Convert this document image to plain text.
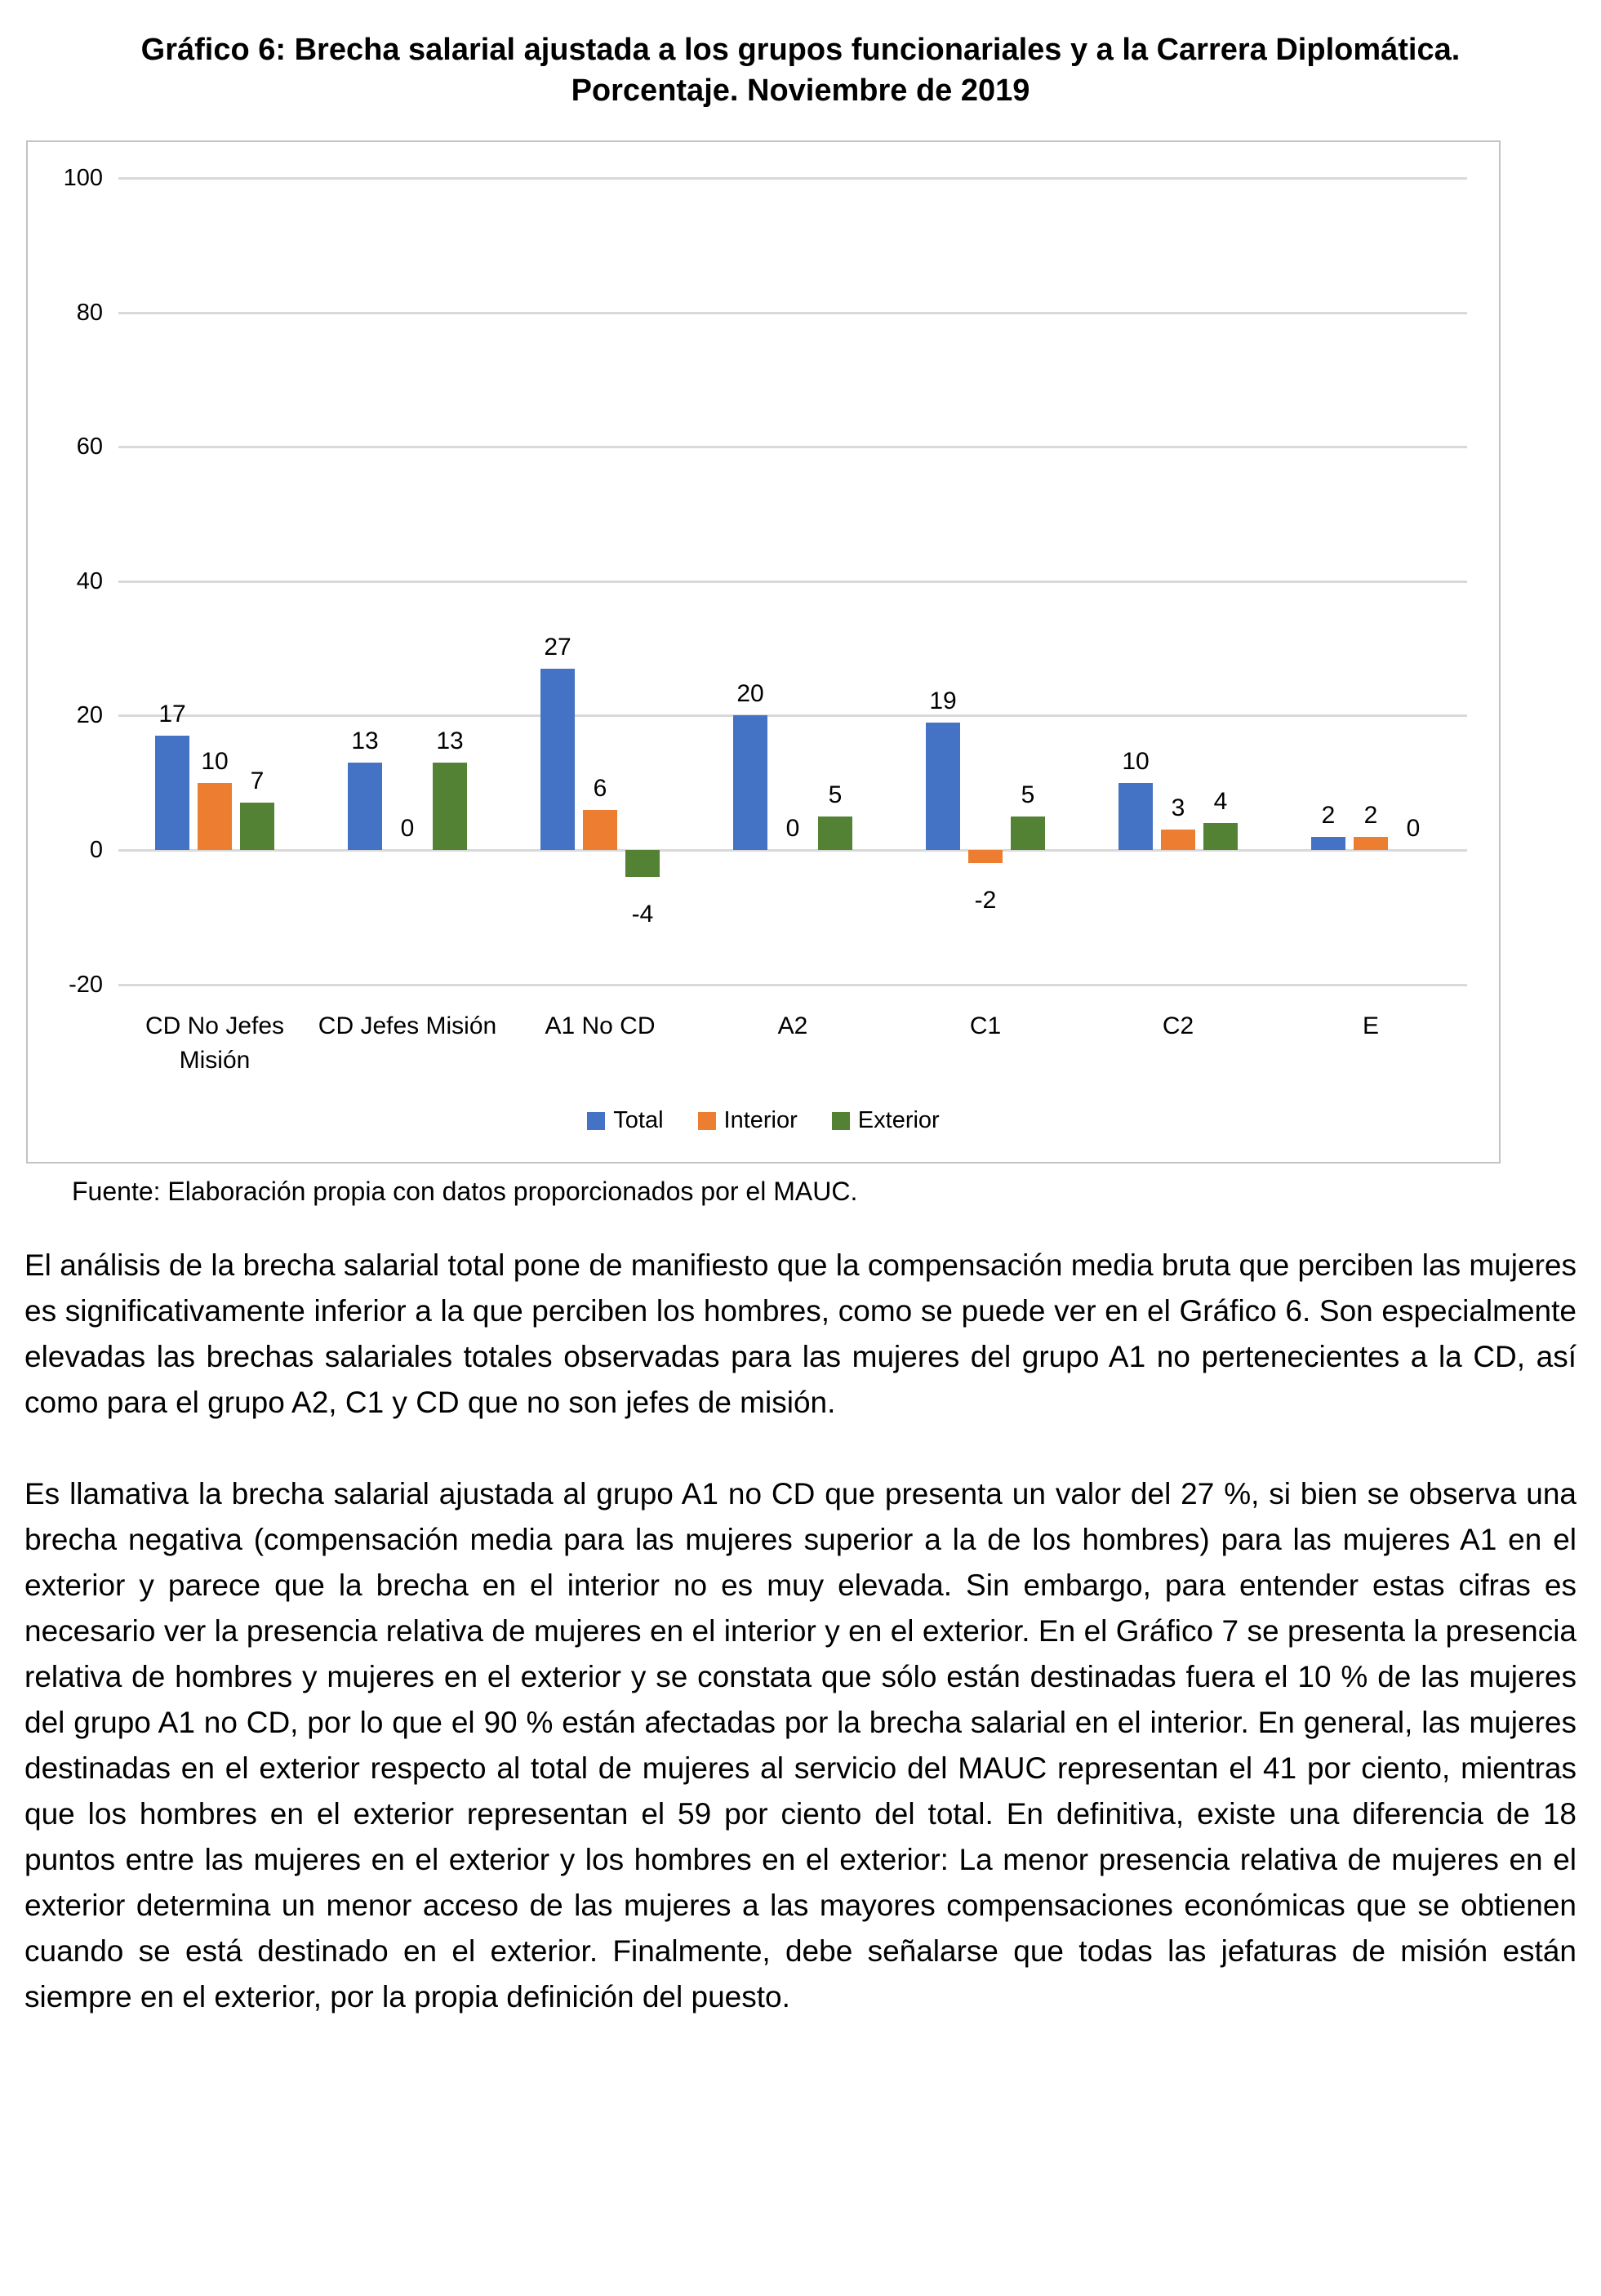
Gráfico 6: Brecha salarial ajustada a los grupos funcionariales y a la Carrera Diplomática. Porcentaje. Noviembre de 2019
Total	Interior	Exterior
100
80
60
40
20
0
-20
17
13
27
20	19
10
2
10
0
6
0
-2
3	2
7
13
-4
5	5	4
0
CD No Jefes Misión
CD Jefes Misión	A1 No CD	A2	C1	C2	E
Fuente: Elaboración propia con datos proporcionados por el MAUC.

El análisis de la brecha salarial total pone de manifiesto que la compensación media bruta que perciben las mujeres es significativamente inferior a la que perciben los hombres, como se puede ver en el Gráfico 6. Son especialmente elevadas las brechas salariales totales observadas para las mujeres del grupo A1 no pertenecientes a la CD, así como para el grupo A2, C1 y CD que no son jefes de misión.

Es llamativa la brecha salarial ajustada al grupo A1 no CD que presenta un valor del 27 %, si bien se observa una brecha negativa (compensación media para las mujeres superior a la de los hombres) para las mujeres A1 en el exterior y parece que la brecha en el interior no es muy elevada. Sin embargo, para entender estas cifras es necesario ver la presencia relativa de mujeres en el interior y en el exterior. En el Gráfico 7 se presenta la presencia relativa de hombres y mujeres en el exterior y se constata que sólo están destinadas fuera el 10 % de las mujeres del grupo A1 no CD, por lo que el 90 % están afectadas por la brecha salarial en el interior. En general, las mujeres destinadas en el exterior respecto al total de mujeres al servicio del MAUC representan el 41 por ciento, mientras que los hombres en el exterior representan el 59 por ciento del total. En definitiva, existe una diferencia de 18 puntos entre las mujeres en el exterior y los hombres en el exterior: La menor presencia relativa de mujeres en el exterior determina un menor acceso de las mujeres a las mayores compensaciones económicas que se obtienen cuando se está destinado en el exterior. Finalmente, debe señalarse que todas las jefaturas de misión están siempre en el exterior, por la propia definición del puesto.
